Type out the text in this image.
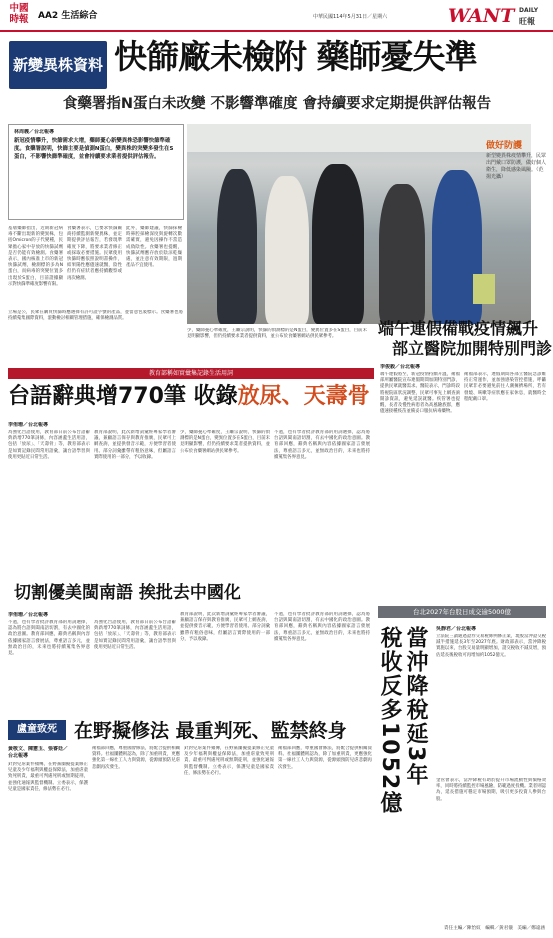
中國
時報	AA2 生活綜合	中華民國114年5月31日／星期六	WANT DAILY
旺報
新變異株資料 快篩廠未檢附 藥師憂失準
食藥署指N蛋白未改變 不影響準確度 會持續要求定期提供評估報告
林周義／台北報導
新冠疫情攀升，快篩需求大增，藥師憂心新變異株恐影響快篩準確度。食藥署說明，快篩主要是偵測N蛋白，變異株的突變多發生在S蛋白，不影響快篩準確度，並會持續要求業者提供評估報告。
做好防護
新型變異株疫情攀升，民眾出門戴口罩防護，做好個人衛生，降低感染風險。（范揚光攝）
基層藥師指出，近期新冠病毒不斷出現新的變異株，包括Omicron的子代變種，民眾擔心家中存放的快篩試劑是否仍能有效檢測。食藥署表示，國內核准上市的新冠快篩試劑，檢測標的多為N蛋白，而病毒的突變位置多出現於S蛋白，目前證據顯示對快篩準確度影響有限。
食藥署表示，已要求快篩廠商持續監測新變異株，並定期提供評估報告，若發現準確度下降，將要求業者修正或採取必要措施。民眾使用快篩時應依照說明書操作，結果陽性應儘速就醫，陰性但仍有症狀者應持續觀察或再次檢測。
此外，藥師建議，快篩採檢時鼻腔採檢深度與旋轉次數需確實，避免因操作不當造成偽陰性。食藥署也提醒，快篩試劑應存放於陰涼乾燥處，並注意有效期限，過期產品不宜使用。
立場是公，民眾在購買快篩時應選擇有許可證字號的產品，並留意包裝標示。食藥署也將持續蒐集國際資料，滾動檢討相關管理措施，確保檢測品質。
少，藥師憂心準確度，王繼宗說明，快篩的偵測標的是N蛋白，變異位置多在S蛋白，目前未見明顯影響，但仍持續要求業者提供資料，並公布於食藥署網站供民眾參考。	端午連假備戰疫情飆升
部立醫院加開特別門診
李俊毅／台北報導
端午連假將至，新冠疫情持續升溫，衛福部所屬醫院宣布連假期間加開特別門診，提供民眾就醫需求。醫院表示，門診時段將視院區狀況調整，民眾可事先上網查詢開診資訊，避免延誤就醫。疾管署也提醒，長者及慢性病患者為高風險族群，應儘速接種疫苗並備妥口服抗病毒藥物。
衛福部表示，連假期間各部立醫院急診維持正常運作，並加強感染管控措施，呼籲民眾非必要避免前往人潮擁擠場所，若有發燒、咳嗽等症狀應在家休息，就醫時全程配戴口罩。
教育部稱如實彙集記錄生活用詞
台語辭典增770筆 收錄放尿、天壽骨
李侑珊／台北報導
為強化台語使用，教育部日前公布台語辭典新增770筆詞條，內容涵蓋生活用語，包括「放尿」、「天壽骨」等，教育部表示是如實記錄民間常用語彙，讓台語學習與使用更貼近日常生活。
教育部說明，此次新增詞彙經專家學者審議，兼顧語言保存與教育推廣，民眾可上網查詢，並提供發音示範，方便學習者使用。部分詞彙雖帶有粗俗意味，但屬語言實際使用的一部分，予以收錄。
少，藥師憂心準確度，王繼宗說明，快篩的偵測標的是N蛋白，變異位置多在S蛋白，目前未見明顯影響，但仍持續要求業者提供資料，並公布於食藥署網站供民眾參考。
不過，也有學者批評教育部的用詞選擇，認為將台語與閩南語切割，有去中國化的政治意圖。教育部回應，辭典名稱與內容依據國家語言發展法，尊重語言多元，並無政治目的，未來也將持續蒐集各界意見。
切割優美閩南語 挨批去中國化
李侑珊／台北報導
不過，也有學者批評教育部的用詞選擇，認為將台語與閩南語切割，有去中國化的政治意圖。教育部回應，辭典名稱與內容依據國家語言發展法，尊重語言多元，並無政治目的，未來也將持續蒐集各界意見。
為強化台語使用，教育部日前公布台語辭典新增770筆詞條，內容涵蓋生活用語，包括「放尿」、「天壽骨」等，教育部表示是如實記錄民間常用語彙，讓台語學習與使用更貼近日常生活。
教育部說明，此次新增詞彙經專家學者審議，兼顧語言保存與教育推廣，民眾可上網查詢，並提供發音示範，方便學習者使用。部分詞彙雖帶有粗俗意味，但屬語言實際使用的一部分，予以收錄。
不過，也有學者批評教育部的用詞選擇，認為將台語與閩南語切割，有去中國化的政治意圖。教育部回應，辭典名稱與內容依據國家語言發展法，尊重語言多元，並無政治目的，未來也將持續蒐集各界意見。
盧童致死 在野擬修法 最重判死、監禁終身
黃敬文、陳憲玉、張睿廷／台北報導
針對兒虐案件頻傳，在野黨團擬提案修正兒童及少年福利與權益保障法，加重虐童致死刑責，最重可判處死刑或無期徒刑，並強化通報與監督機制。立委表示，保護兒童是國家責任，修法勢在必行。
衛福部回應，尊重國會修法，將配合提供相關資料。社福團體則認為，除了加重刑責，更應強化第一線社工人力與資源，從源頭預防兒虐悲劇再次發生。
針對兒虐案件頻傳，在野黨團擬提案修正兒童及少年福利與權益保障法，加重虐童致死刑責，最重可判處死刑或無期徒刑，並強化通報與監督機制。立委表示，保護兒童是國家責任，修法勢在必行。
衛福部回應，尊重國會修法，將配合提供相關資料。社福團體則認為，除了加重刑責，更應強化第一線社工人力與資源，從源頭預防兒虐悲劇再次發生。
台北2027年台股日成交逾5000億
當沖降稅延3年
稅收反多1052億	吳靜君／台北報導
立法院三讀通過證券交易稅條例修正案，現股當沖證交稅減半措施延長3年至2027年底。財政部表示，當沖降稅實施以來，台股交易量明顯增加，證交稅收不減反增，預估延長後稅收可再增加約1052億元。
金管會表示，當沖降稅有助於提升市場流動性與價格效率，同時將持續監控市場風險，防範過度投機。業者則認為，延長措施可穩定市場預期，吸引更多投資人參與台股。
責任主編／陳怡妏　編輯／黃君儀　美編／鄭遠涵
